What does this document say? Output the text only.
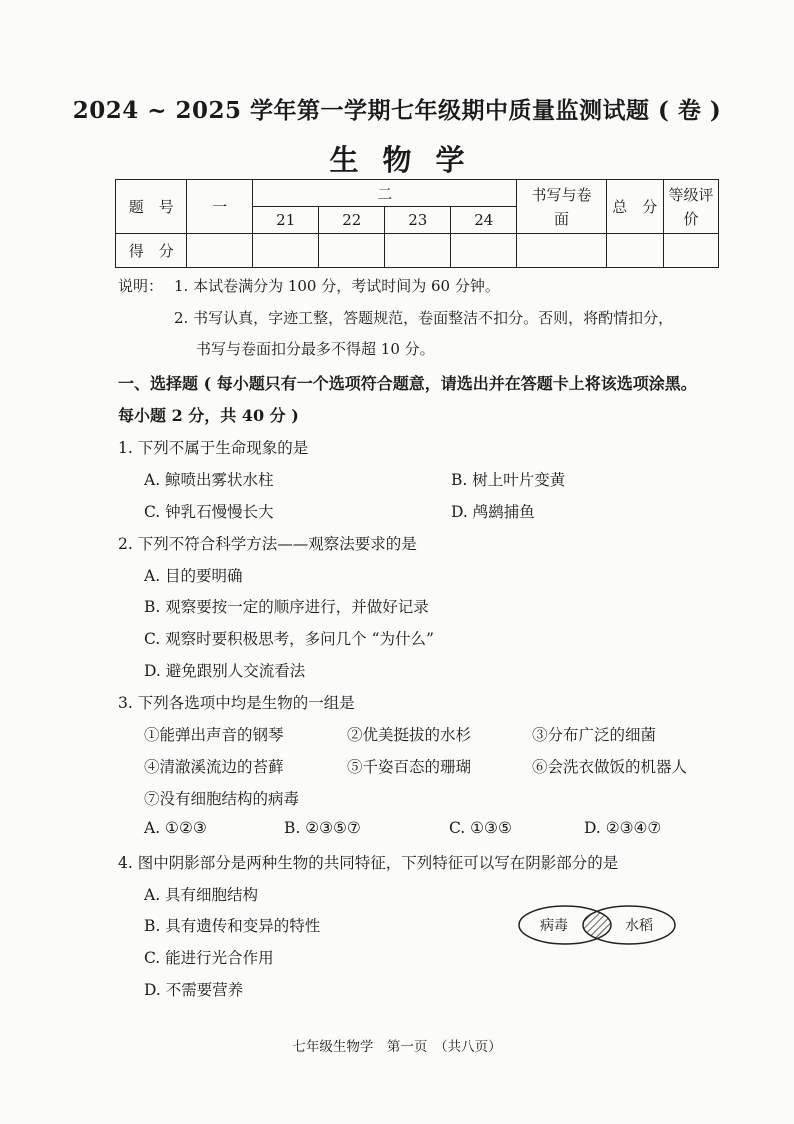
2024 ~ 2025 学年第一学期七年级期中质量监测试题 ( 卷 )
生物学
题　号	一	二				书写与卷面	总　分	等级评价
		21	22	23	24			
得　分								
说明： 1. 本试卷满分为 100 分，考试时间为 60 分钟。
2. 书写认真，字迹工整，答题规范，卷面整洁不扣分。否则，将酌情扣分，
书写与卷面扣分最多不得超 10 分。
一、选择题 ( 每小题只有一个选项符合题意，请选出并在答题卡上将该选项涂黑。
每小题 2 分，共 40 分 )
1. 下列不属于生命现象的是
A. 鲸喷出雾状水柱	B. 树上叶片变黄
C. 钟乳石慢慢长大	D. 鸬鹚捕鱼
2. 下列不符合科学方法——观察法要求的是
A. 目的要明确
B. 观察要按一定的顺序进行，并做好记录
C. 观察时要积极思考，多问几个 “为什么”
D. 避免跟别人交流看法
3. 下列各选项中均是生物的一组是
①能弹出声音的钢琴	②优美挺拔的水杉	③分布广泛的细菌
④清澈溪流边的苔藓	⑤千姿百态的珊瑚	⑥会洗衣做饭的机器人
⑦没有细胞结构的病毒
A. ①②③	B. ②③⑤⑦	C. ①③⑤	D. ②③④⑦
4. 图中阴影部分是两种生物的共同特征，下列特征可以写在阴影部分的是
A. 具有细胞结构
B. 具有遗传和变异的特性
C. 能进行光合作用
D. 不需要营养
病毒	水稻
七年级生物学　第一页　（共八页）
